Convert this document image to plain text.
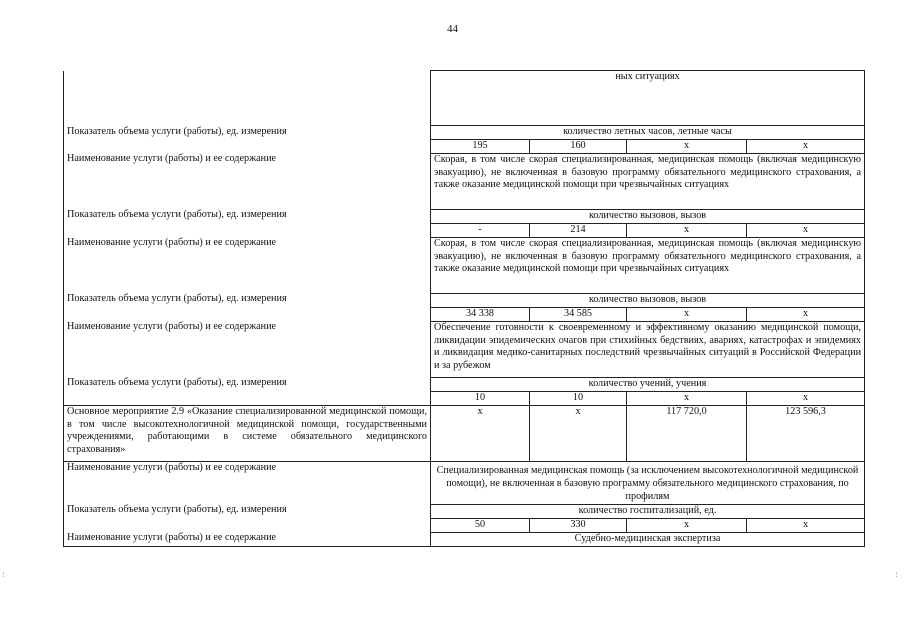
44
	ных ситуациях			
Показатель объема услуги (работы), ед. измерения	количество летных часов, летные часы			
	195	160	x	x
Наименование услуги (работы) и ее содержание	Скорая, в том числе скорая специализированная, медицинская помощь (включая медицинскую эвакуацию), не включенная в базовую программу обязательного медицинского страхования, а также оказание медицинской помощи при чрезвычайных ситуациях			
Показатель объема услуги (работы), ед. измерения	количество вызовов, вызов			
	-	214	x	x
Наименование услуги (работы) и ее содержание	Скорая, в том числе скорая специализированная, медицинская помощь (включая медицинскую эвакуацию), не включенная в базовую программу обязательного медицинского страхования, а также оказание медицинской помощи при чрезвычайных ситуациях			
Показатель объема услуги (работы), ед. измерения	количество вызовов, вызов			
	34 338	34 585	x	x
Наименование услуги (работы) и ее содержание	Обеспечение готовности к своевременному и эффективному оказанию медицинской помощи, ликвидации эпидемических очагов при стихийных бедствиях, авариях, катастрофах и эпидемиях и ликвидация медико-санитарных последствий чрезвычайных ситуаций в Российской Федерации и за рубежом			
Показатель объема услуги (работы), ед. измерения	количество учений, учения			
	10	10	x	x
Основное мероприятие 2.9 «Оказание специализированной медицинской помощи, в том числе высокотехнологичной медицинской помощи, государственными учреждениями, работающими в системе обязательного медицинского страхования»	x	x	117 720,0	123 596,3
Наименование услуги (работы) и ее содержание	Специализированная медицинская помощь (за исключением высокотехнологичной медицинской помощи), не включенная в базовую программу обязательного медицинского страхования, по профилям			
Показатель объема услуги (работы), ед. измерения	количество госпитализаций, ед.			
	50	330	x	x
Наименование услуги (работы) и ее содержание	Судебно-медицинская экспертиза			
